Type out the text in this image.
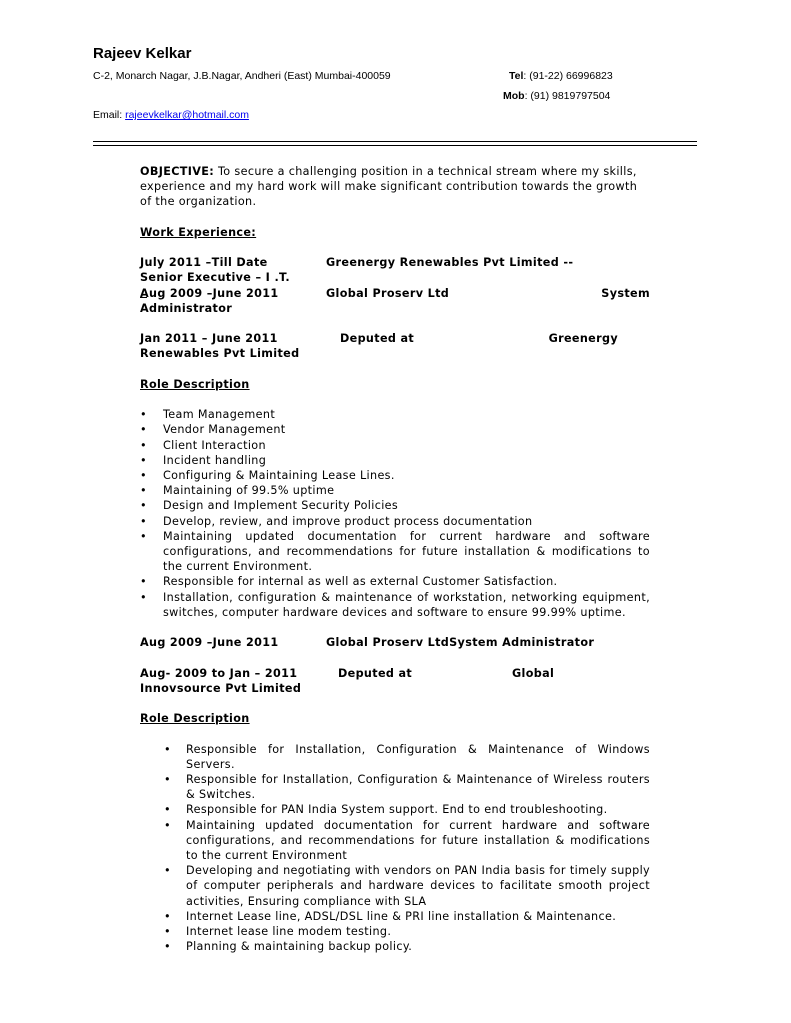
Rajeev Kelkar
C-2, Monarch Nagar, J.B.Nagar, Andheri (East) Mumbai-400059	Tel: (91-22) 66996823
Mob: (91) 9819797504
Email: rajeevkelkar@hotmail.com
OBJECTIVE: To secure a challenging position in a technical stream where my skills, experience and my hard work will make significant contribution towards the growth of the organization.
Work Experience:
July 2011 –Till Date	Greenergy Renewables Pvt Limited --
Senior Executive – I .T.
Aug 2009 –June 2011	Global Proserv Ltd	System
Administrator
Jan 2011 – June 2011	Deputed at	Greenergy
Renewables Pvt Limited
Role Description
• Team Management
• Vendor Management
• Client Interaction
• Incident handling
• Configuring & Maintaining Lease Lines.
• Maintaining of 99.5% uptime
• Design and Implement Security Policies
• Develop, review, and improve product process documentation
• Maintaining updated documentation for current hardware and software configurations, and recommendations for future installation & modifications to the current Environment.
• Responsible for internal as well as external Customer Satisfaction.
• Installation, configuration & maintenance of workstation, networking equipment, switches, computer hardware devices and software to ensure 99.99% uptime.
Aug 2009 –June 2011	Global Proserv Ltd System Administrator
Aug- 2009 to Jan – 2011	Deputed at	Global
Innovsource Pvt Limited
Role Description
• Responsible for Installation, Configuration & Maintenance of Windows Servers.
• Responsible for Installation, Configuration & Maintenance of Wireless routers & Switches.
• Responsible for PAN India System support. End to end troubleshooting.
• Maintaining updated documentation for current hardware and software configurations, and recommendations for future installation & modifications to the current Environment
• Developing and negotiating with vendors on PAN India basis for timely supply of computer peripherals and hardware devices to facilitate smooth project activities, Ensuring compliance with SLA
• Internet Lease line, ADSL/DSL line & PRI line installation & Maintenance.
• Internet lease line modem testing.
• Planning & maintaining backup policy.
